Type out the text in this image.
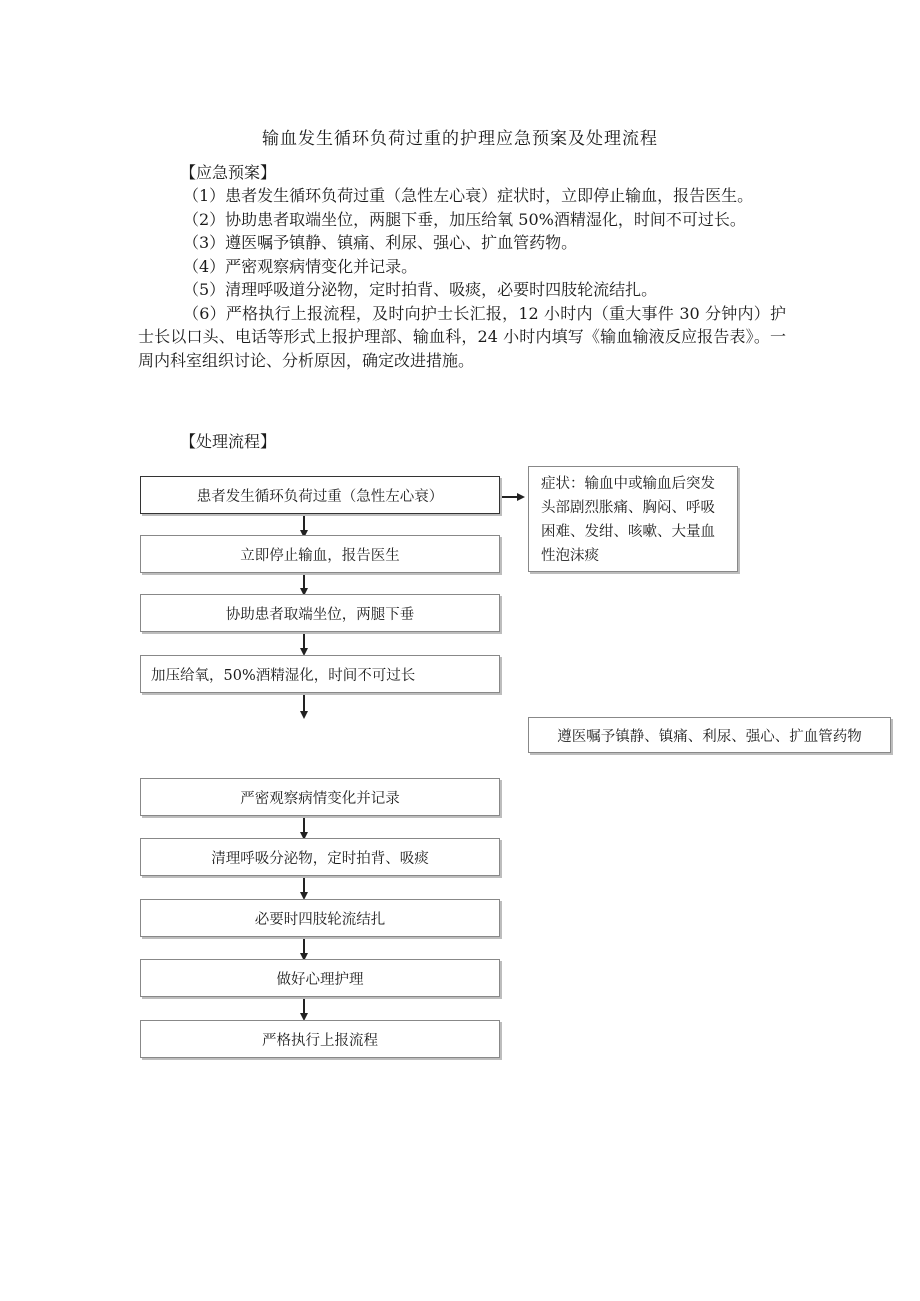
输血发生循环负荷过重的护理应急预案及处理流程
【应急预案】

（1）患者发生循环负荷过重（急性左心衰）症状时，立即停止输血，报告医生。

（2）协助患者取端坐位，两腿下垂，加压给氧 50%酒精湿化，时间不可过长。

（3）遵医嘱予镇静、镇痛、利尿、强心、扩血管药物。

（4）严密观察病情变化并记录。

（5）清理呼吸道分泌物，定时拍背、吸痰，必要时四肢轮流结扎。

（6）严格执行上报流程，及时向护士长汇报，12 小时内（重大事件 30 分钟内）护士长以口头、电话等形式上报护理部、输血科，24 小时内填写《输血输液反应报告表》。一周内科室组织讨论、分析原因，确定改进措施。

【处理流程】
患者发生循环负荷过重（急性左心衰）
立即停止输血，报告医生
协助患者取端坐位，两腿下垂
加压给氧，50%酒精湿化，时间不可过长
遵医嘱予镇静、镇痛、利尿、强心、扩血管药物
严密观察病情变化并记录
清理呼吸分泌物，定时拍背、吸痰
必要时四肢轮流结扎
做好心理护理
严格执行上报流程
症状：输血中或输血后突发头部剧烈胀痛、胸闷、呼吸困难、发绀、咳嗽、大量血性泡沫痰
